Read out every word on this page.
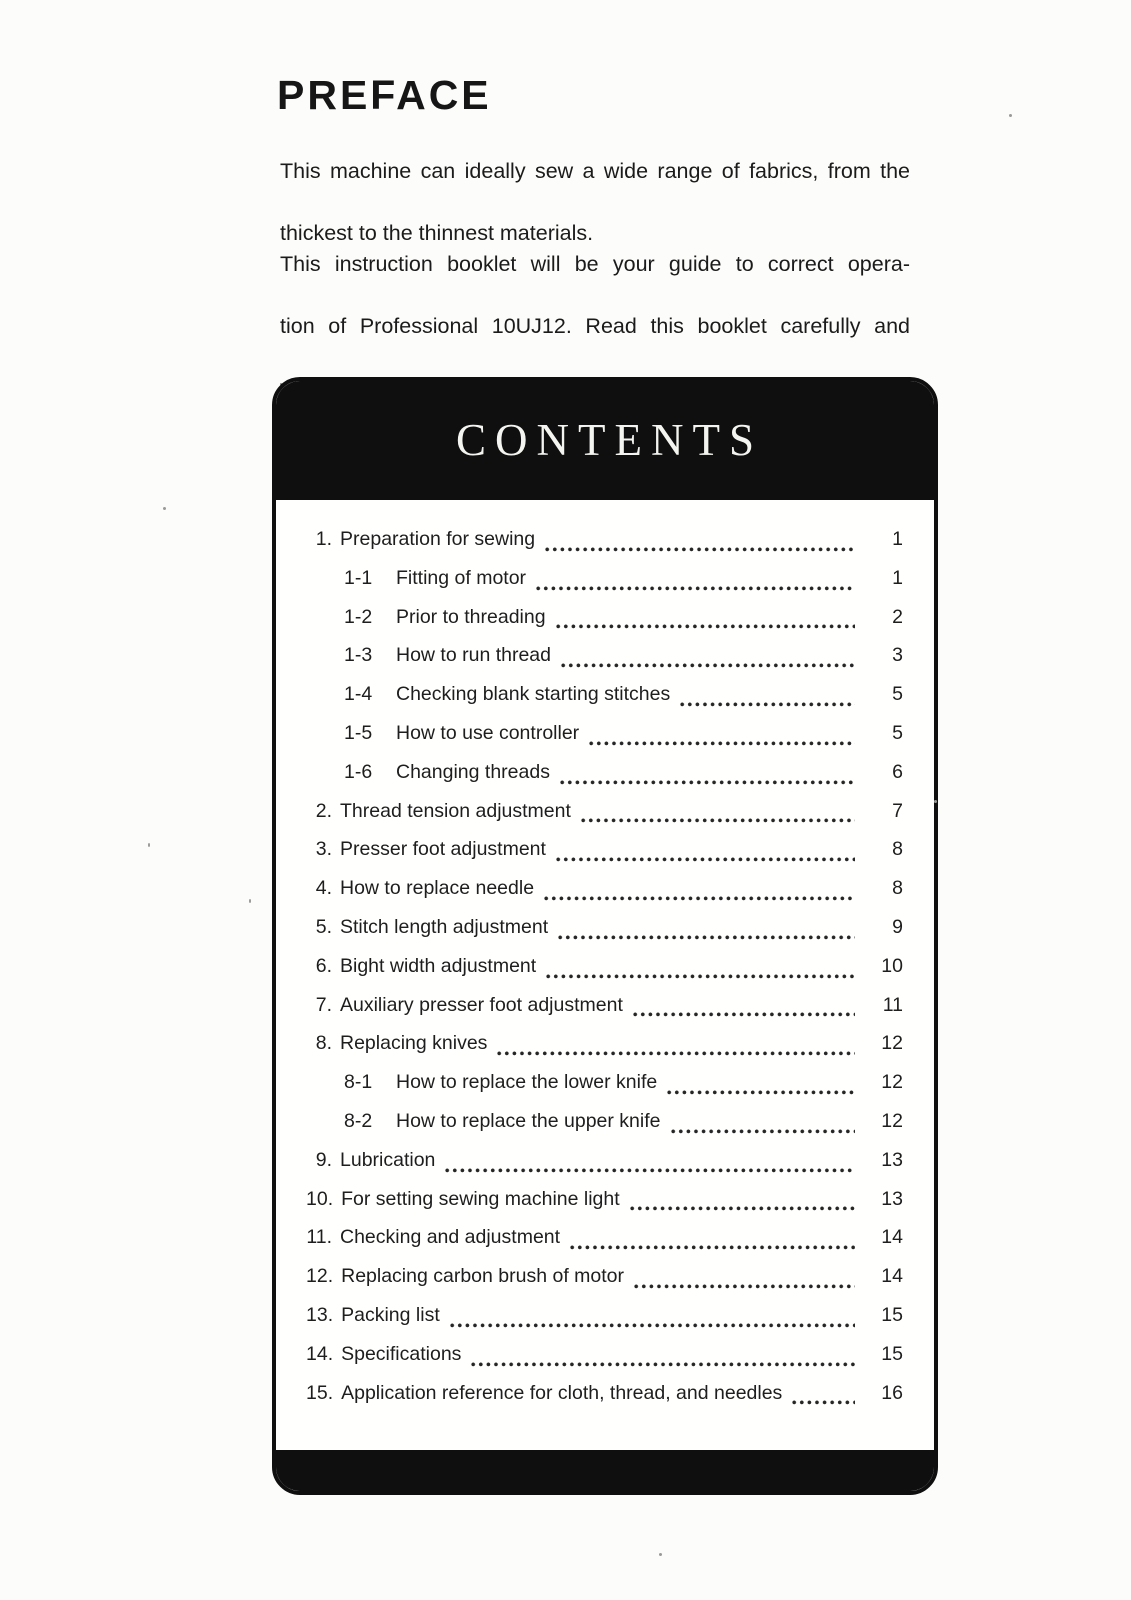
PREFACE
This machine can ideally sew a wide range of fabrics, from the
thickest to the thinnest materials.
This instruction booklet will be your guide to correct opera-
tion of Professional 10UJ12. Read this booklet carefully and
CONTENTS
1. Preparation for sewing	1
1-1	Fitting of motor	1
1-2	Prior to threading	2
1-3	How to run thread	3
1-4	Checking blank starting stitches	5
1-5	How to use controller	5
1-6	Changing threads	6
2. Thread tension adjustment	7
3. Presser foot adjustment	8
4. How to replace needle	8
5. Stitch length adjustment	9
6. Bight width adjustment	10
7. Auxiliary presser foot adjustment	11
8. Replacing knives	12
8-1	How to replace the lower knife	12
8-2	How to replace the upper knife	12
9. Lubrication	13
10. For setting sewing machine light	13
11. Checking and adjustment	14
12. Replacing carbon brush of motor	14
13. Packing list	15
14. Specifications	15
15. Application reference for cloth, thread, and needles	16
